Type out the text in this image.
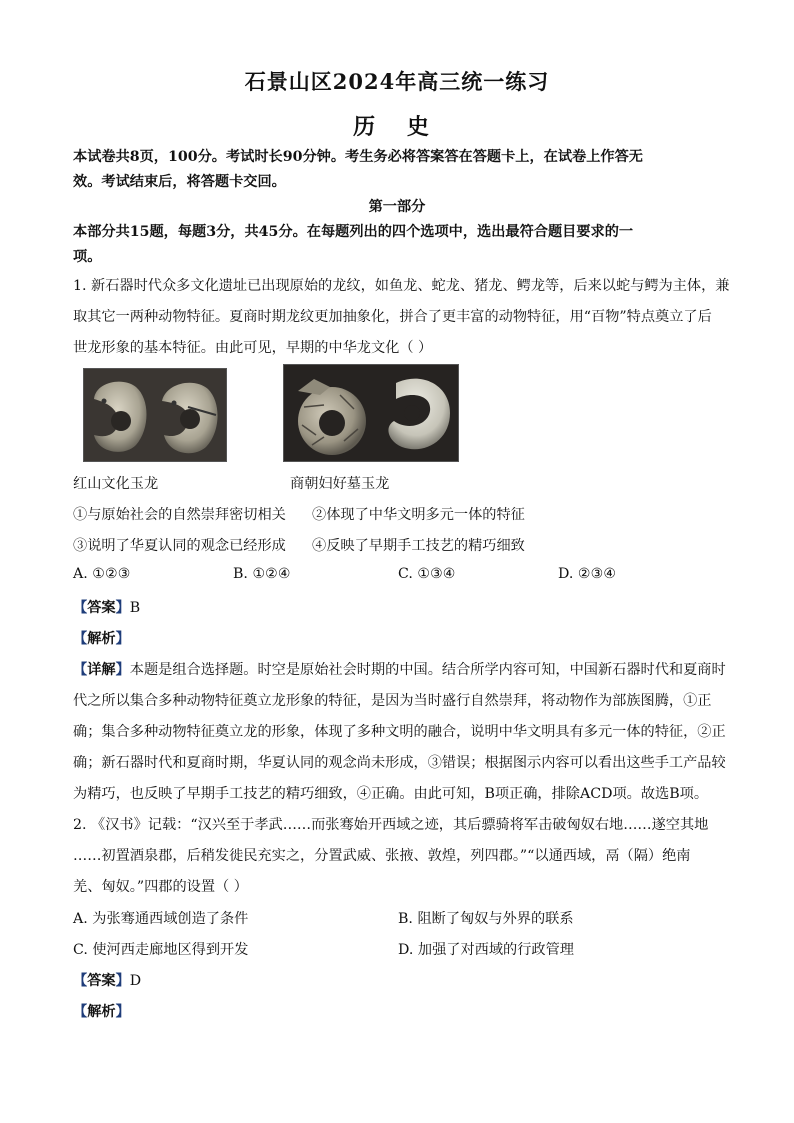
石景山区2024年高三统一练习
历 史
本试卷共8页，100分。考试时长90分钟。考生务必将答案答在答题卡上，在试卷上作答无
效。考试结束后，将答题卡交回。
第一部分
本部分共15题，每题3分，共45分。在每题列出的四个选项中，选出最符合题目要求的一
项。
1. 新石器时代众多文化遗址已出现原始的龙纹，如鱼龙、蛇龙、猪龙、鳄龙等，后来以蛇与鳄为主体，兼
取其它一两种动物特征。夏商时期龙纹更加抽象化，拼合了更丰富的动物特征，用“百物”特点奠立了后
世龙形象的基本特征。由此可见，早期的中华龙文化（ ）
红山文化玉龙	商朝妇好墓玉龙
①与原始社会的自然崇拜密切相关 ②体现了中华文明多元一体的特征
③说明了华夏认同的观念已经形成 ④反映了早期手工技艺的精巧细致
A. ①②③	B. ①②④	C. ①③④	D. ②③④
【答案】B
【解析】
【详解】本题是组合选择题。时空是原始社会时期的中国。结合所学内容可知，中国新石器时代和夏商时
代之所以集合多种动物特征奠立龙形象的特征，是因为当时盛行自然崇拜，将动物作为部族图腾，①正
确；集合多种动物特征奠立龙的形象，体现了多种文明的融合，说明中华文明具有多元一体的特征，②正
确；新石器时代和夏商时期，华夏认同的观念尚未形成，③错误；根据图示内容可以看出这些手工产品较
为精巧，也反映了早期手工技艺的精巧细致，④正确。由此可知，B项正确，排除ACD项。故选B项。
2. 《汉书》记载：“汉兴至于孝武……而张骞始开西域之迹，其后骠骑将军击破匈奴右地……遂空其地
……初置酒泉郡，后稍发徙民充实之，分置武威、张掖、敦煌，列四郡。”“以通西域，鬲（隔）绝南
羌、匈奴。”四郡的设置（ ）
A. 为张骞通西域创造了条件	B. 阻断了匈奴与外界的联系
C. 使河西走廊地区得到开发	D. 加强了对西域的行政管理
【答案】D
【解析】
